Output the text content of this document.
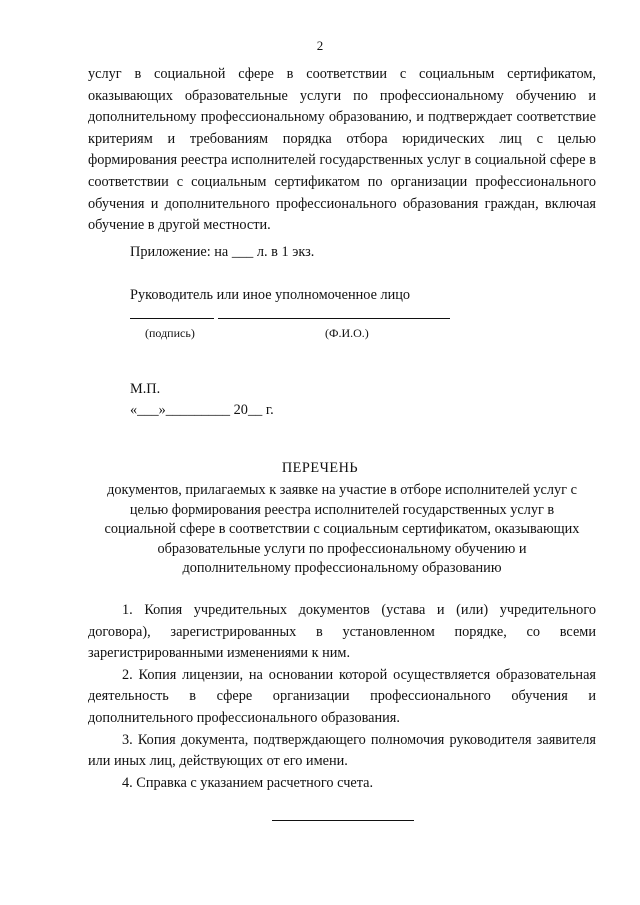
2

услуг в социальной сфере в соответствии с социальным сертификатом, оказывающих образовательные услуги по профессиональному обучению и дополнительному профессиональному образованию, и подтверждает соответствие критериям и требованиям порядка отбора юридических лиц с целью формирования реестра исполнителей государственных услуг в социальной сфере в соответствии с социальным сертификатом по организации профессионального обучения и дополнительного профессионального образования граждан, включая обучение в другой местности.

Приложение: на ___ л. в 1 экз.
Руководитель или иное уполномоченное лицо
(подпись)	(Ф.И.О.)
М.П.
«___»_________ 20__ г.
ПЕРЕЧЕНЬ
документов, прилагаемых к заявке на участие в отборе исполнителей услуг с
целью формирования реестра исполнителей государственных услуг в
социальной сфере в соответствии с социальным сертификатом, оказывающих
образовательные услуги по профессиональному обучению и
дополнительному профессиональному образованию

1. Копия учредительных документов (устава и (или) учредительного договора), зарегистрированных в установленном порядке, со всеми зарегистрированными изменениями к ним.

2. Копия лицензии, на основании которой осуществляется образовательная деятельность в сфере организации профессионального обучения и дополнительного профессионального образования.

3. Копия документа, подтверждающего полномочия руководителя заявителя или иных лиц, действующих от его имени.

4. Справка с указанием расчетного счета.
